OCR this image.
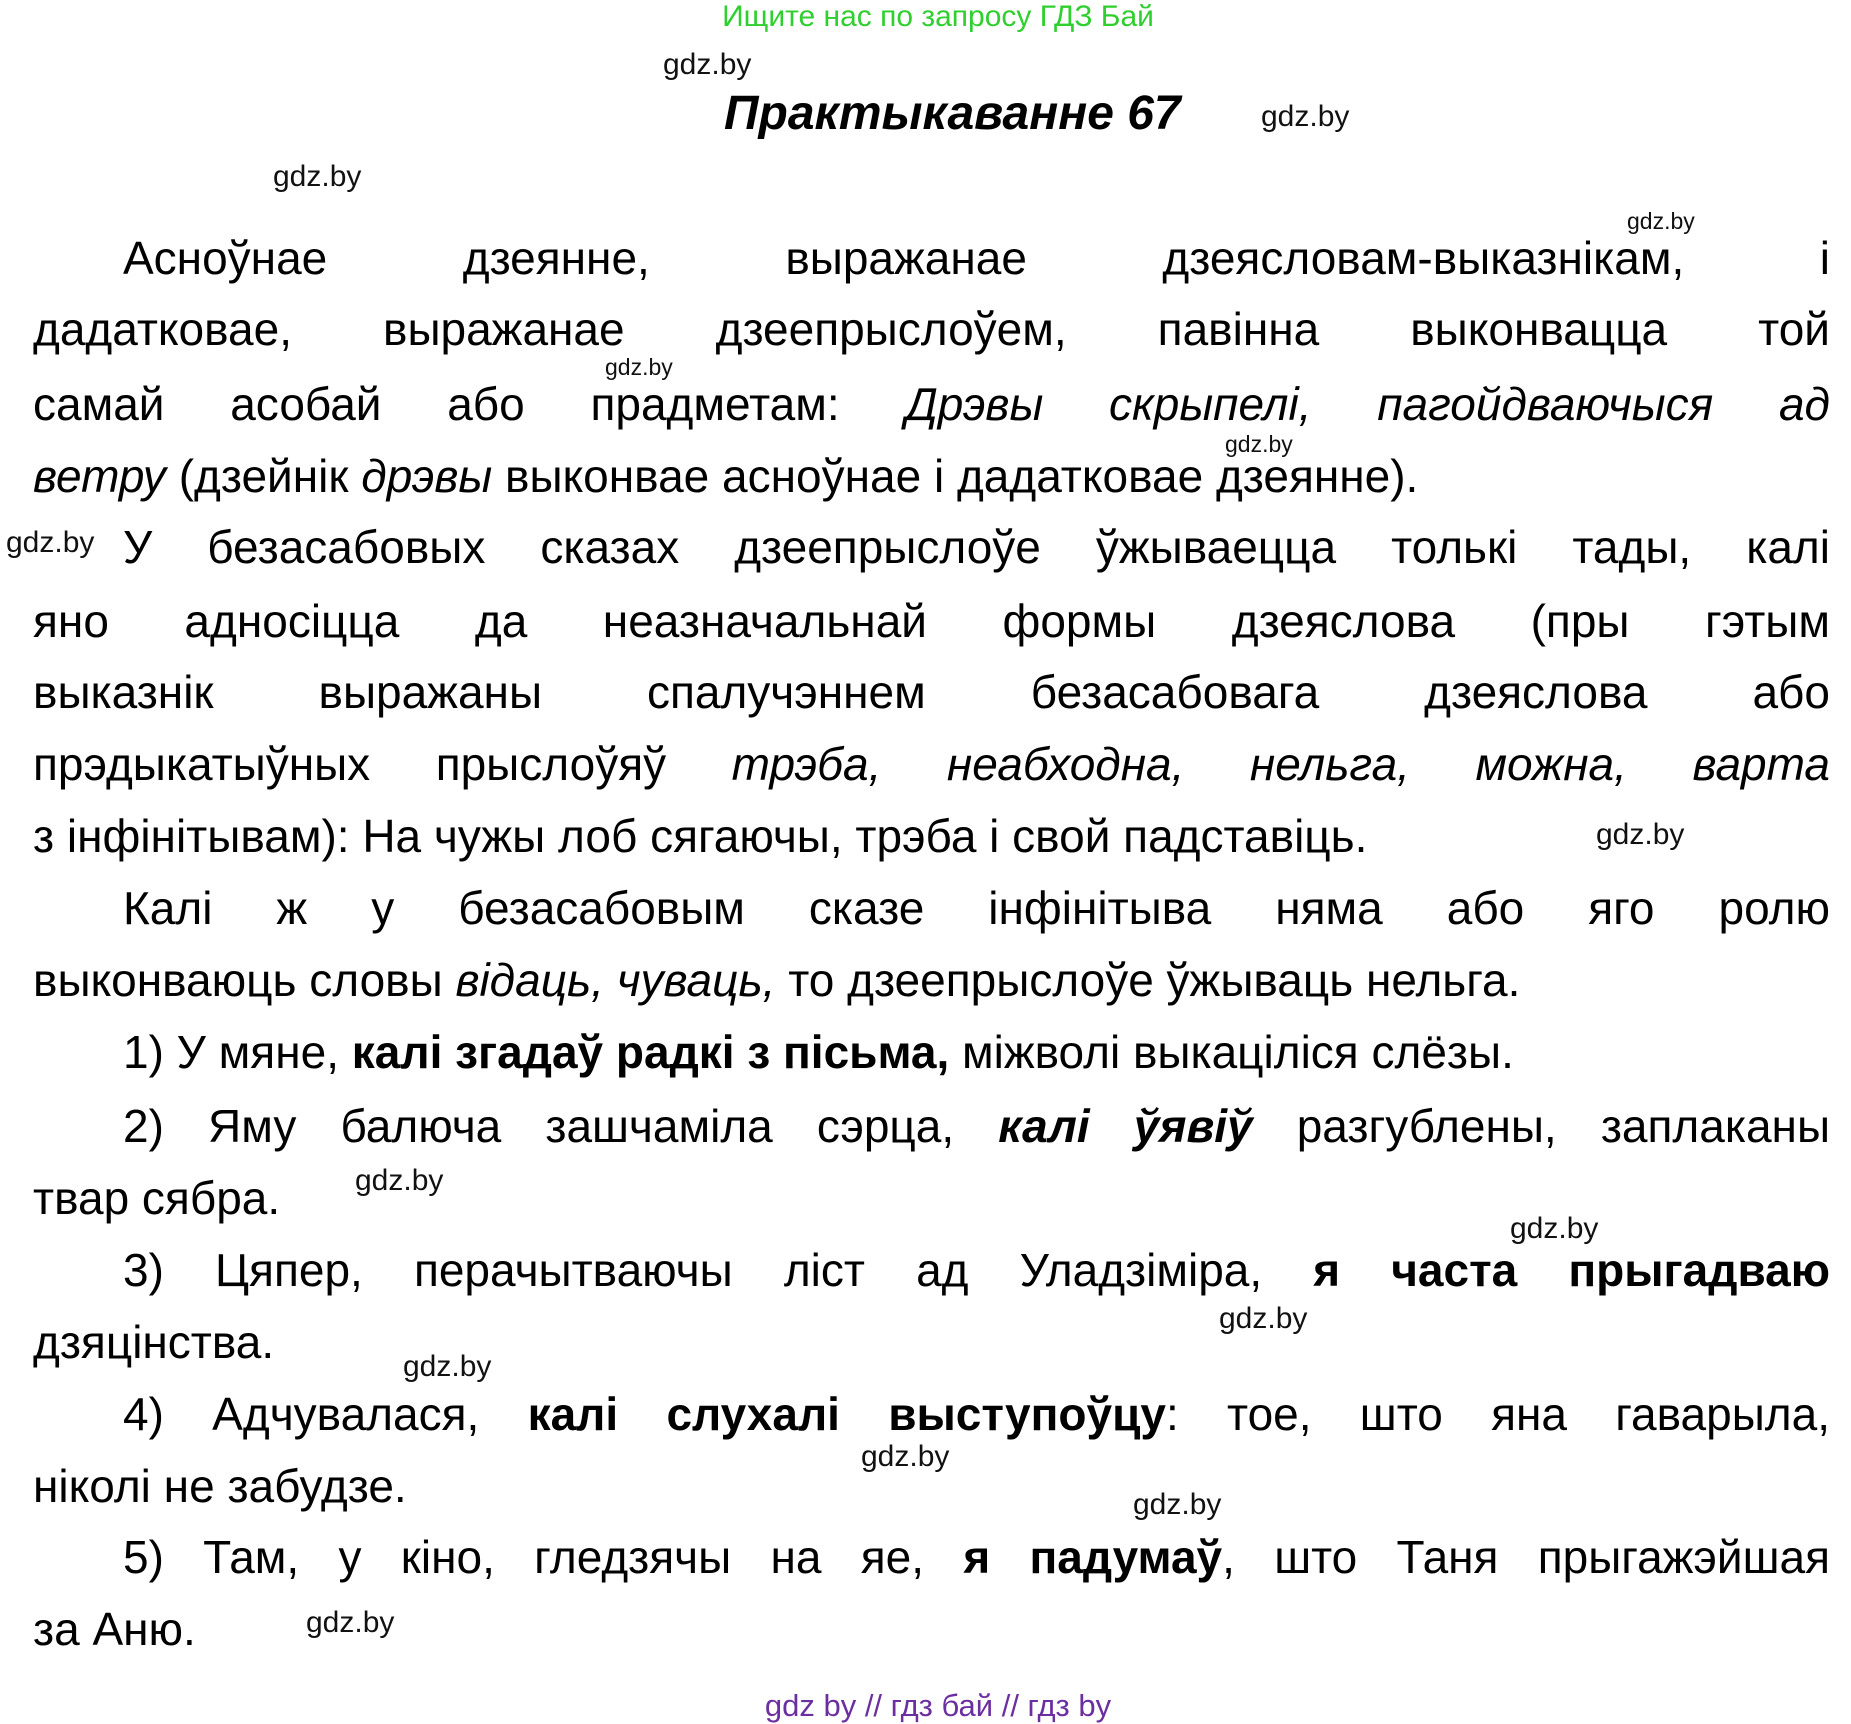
Ищите нас по запросу ГДЗ Бай
Практыкаванне 67
gdz.by
gdz.by
gdz.by
gdz.by
gdz.by
gdz.by
gdz.by
gdz.by
gdz.by
gdz.by
gdz.by
gdz.by
gdz.by
gdz.by
gdz.by
Асноўнае дзеянне, выражанае дзеясловам-выказнікам, і
дадатковае, выражанае дзеепрыслоўем, павінна выконвацца той
самай асобай або прадметам: Дрэвы скрыпелі, пагойдваючыся ад
ветру (дзейнік дрэвы выконвае асноўнае і дадатковае дзеянне).
У безасабовых сказах дзеепрыслоўе ўжываецца толькі тады, калі
яно адносіцца да неазначальнай формы дзеяслова (пры гэтым
выказнік выражаны спалучэннем безасабовага дзеяслова або
прэдыкатыўных прыслоўяў трэба, неабходна, нельга, можна, варта
з інфінітывам): На чужы лоб сягаючы, трэба і свой падставіць.
Калі ж у безасабовым сказе інфінітыва няма або яго ролю
выконваюць словы відаць, чуваць, то дзеепрыслоўе ўжываць нельга.
1) У мяне, калі згадаў радкі з пісьма, міжволі выкаціліся слёзы.
2) Яму балюча зашчаміла сэрца, калі ўявіў разгублены, заплаканы
твар сябра.
3) Цяпер, перачытваючы ліст ад Уладзіміра, я часта прыгадваю
дзяцінства.
4) Адчувалася, калі слухалі выступоўцу: тое, што яна гаварыла,
ніколі не забудзе.
5) Там, у кіно, гледзячы на яе, я падумаў, што Таня прыгажэйшая
за Аню.
gdz by // гдз бай // гдз by
